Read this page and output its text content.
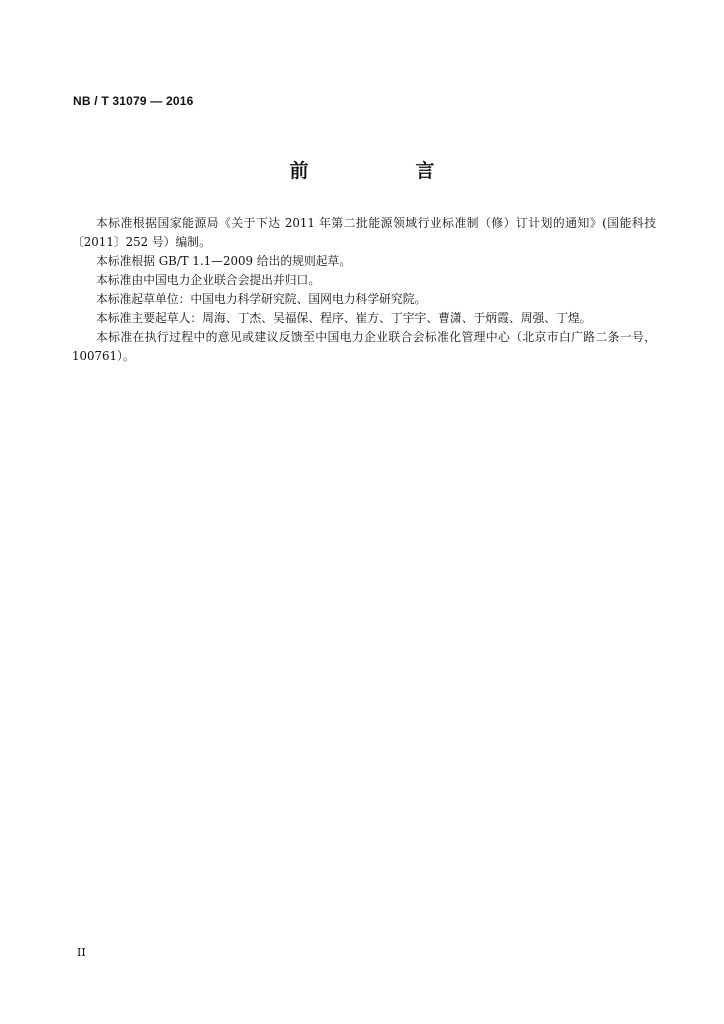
NB / T 31079 — 2016
前　言

本标准根据国家能源局《关于下达 2011 年第二批能源领域行业标准制（修）订计划的通知》(国能科技〔2011〕252 号）编制。

本标准根据 GB/T 1.1—2009 给出的规则起草。

本标准由中国电力企业联合会提出并归口。

本标准起草单位：中国电力科学研究院、国网电力科学研究院。

本标准主要起草人：周海、丁杰、吴福保、程序、崔方、丁宇宇、曹潇、于炳霞、周强、丁煌。

本标准在执行过程中的意见或建议反馈至中国电力企业联合会标准化管理中心（北京市白广路二条一号，100761）。

II
